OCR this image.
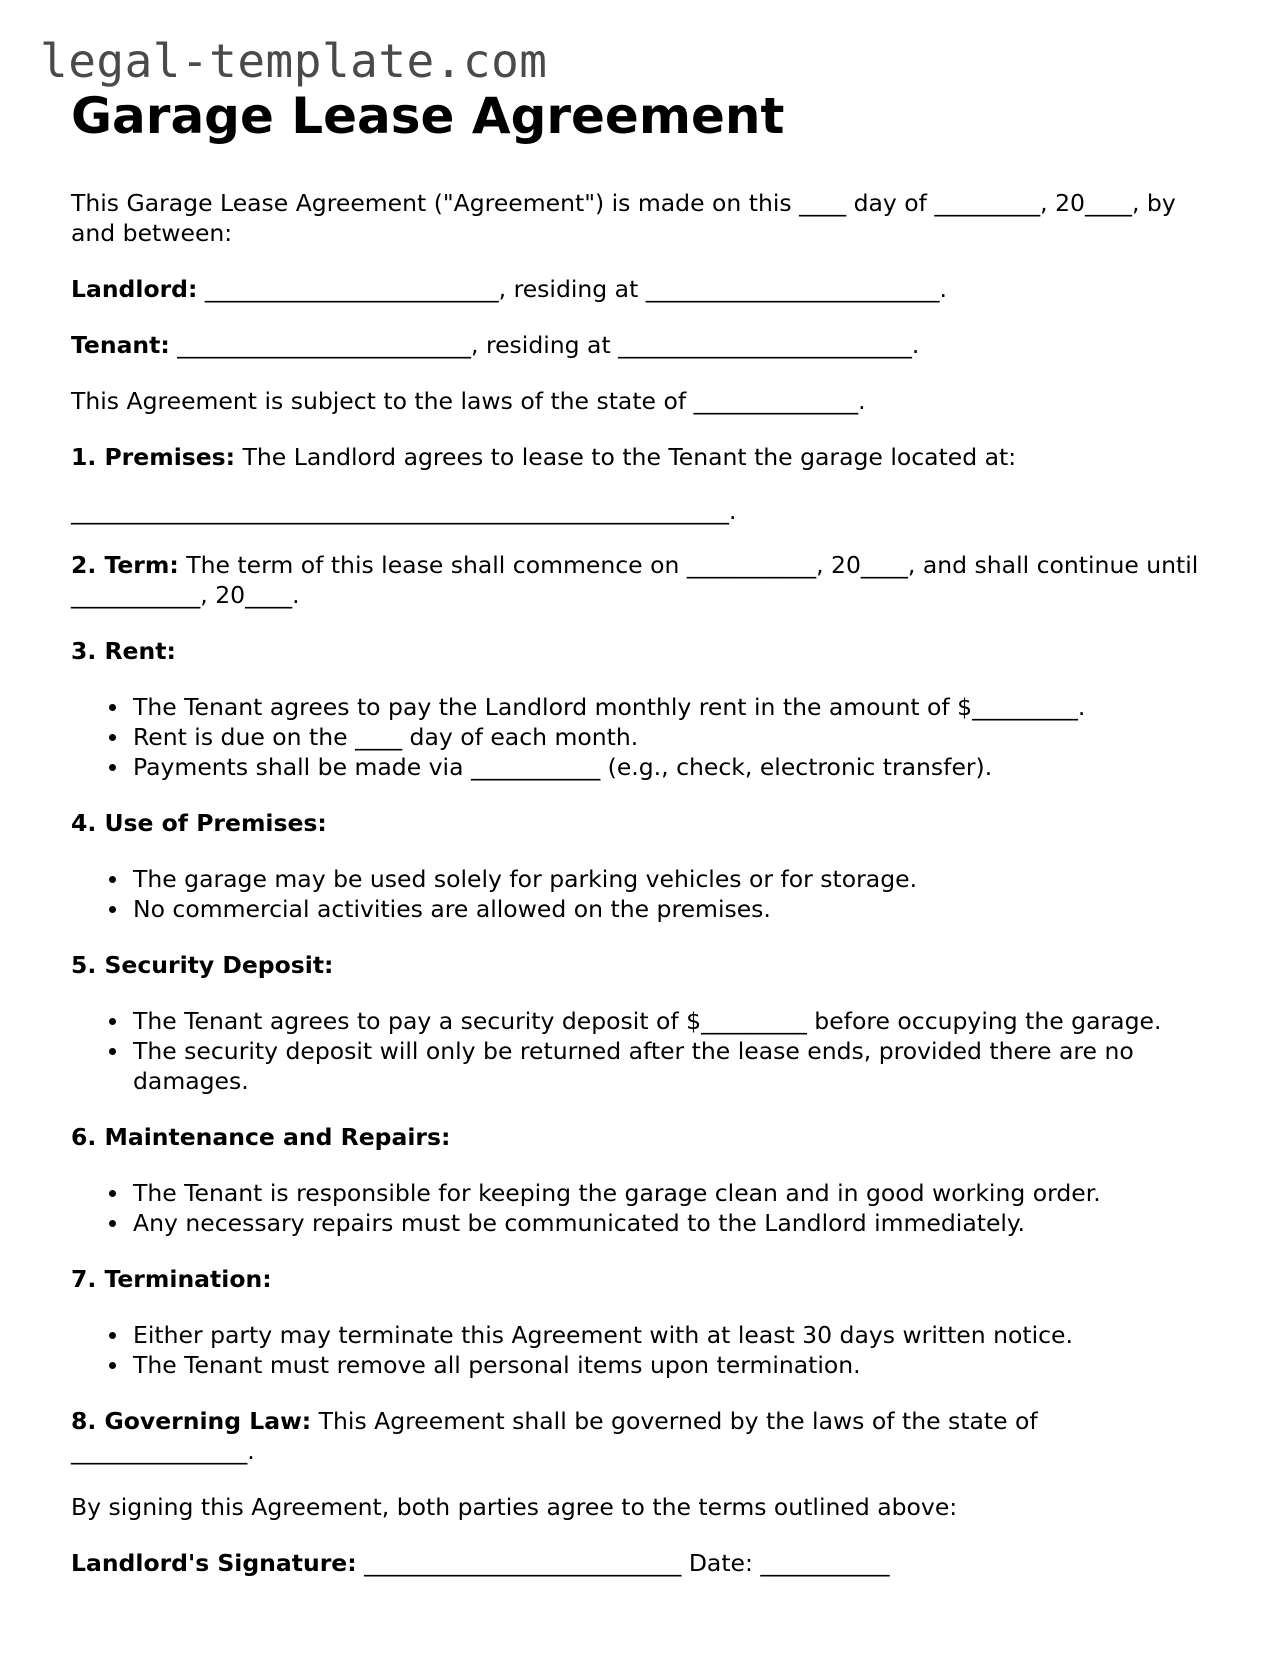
legal-template.com
Garage Lease Agreement

This Garage Lease Agreement ("Agreement") is made on this ____ day of _________, 20____, by and between:

Landlord: _________________________, residing at _________________________.

Tenant: _________________________, residing at _________________________.

This Agreement is subject to the laws of the state of ______________.

1. Premises: The Landlord agrees to lease to the Tenant the garage located at:

________________________________________________________.

2. Term: The term of this lease shall commence on ___________, 20____, and shall continue until ___________, 20____.

3. Rent:

The Tenant agrees to pay the Landlord monthly rent in the amount of $_________.
Rent is due on the ____ day of each month.
Payments shall be made via ___________ (e.g., check, electronic transfer).

4. Use of Premises:

The garage may be used solely for parking vehicles or for storage.
No commercial activities are allowed on the premises.

5. Security Deposit:

The Tenant agrees to pay a security deposit of $_________ before occupying the garage.
The security deposit will only be returned after the lease ends, provided there are no damages.

6. Maintenance and Repairs:

The Tenant is responsible for keeping the garage clean and in good working order.
Any necessary repairs must be communicated to the Landlord immediately.

7. Termination:

Either party may terminate this Agreement with at least 30 days written notice.
The Tenant must remove all personal items upon termination.

8. Governing Law: This Agreement shall be governed by the laws of the state of _______________.

By signing this Agreement, both parties agree to the terms outlined above:

Landlord's Signature: ___________________________ Date: ___________
